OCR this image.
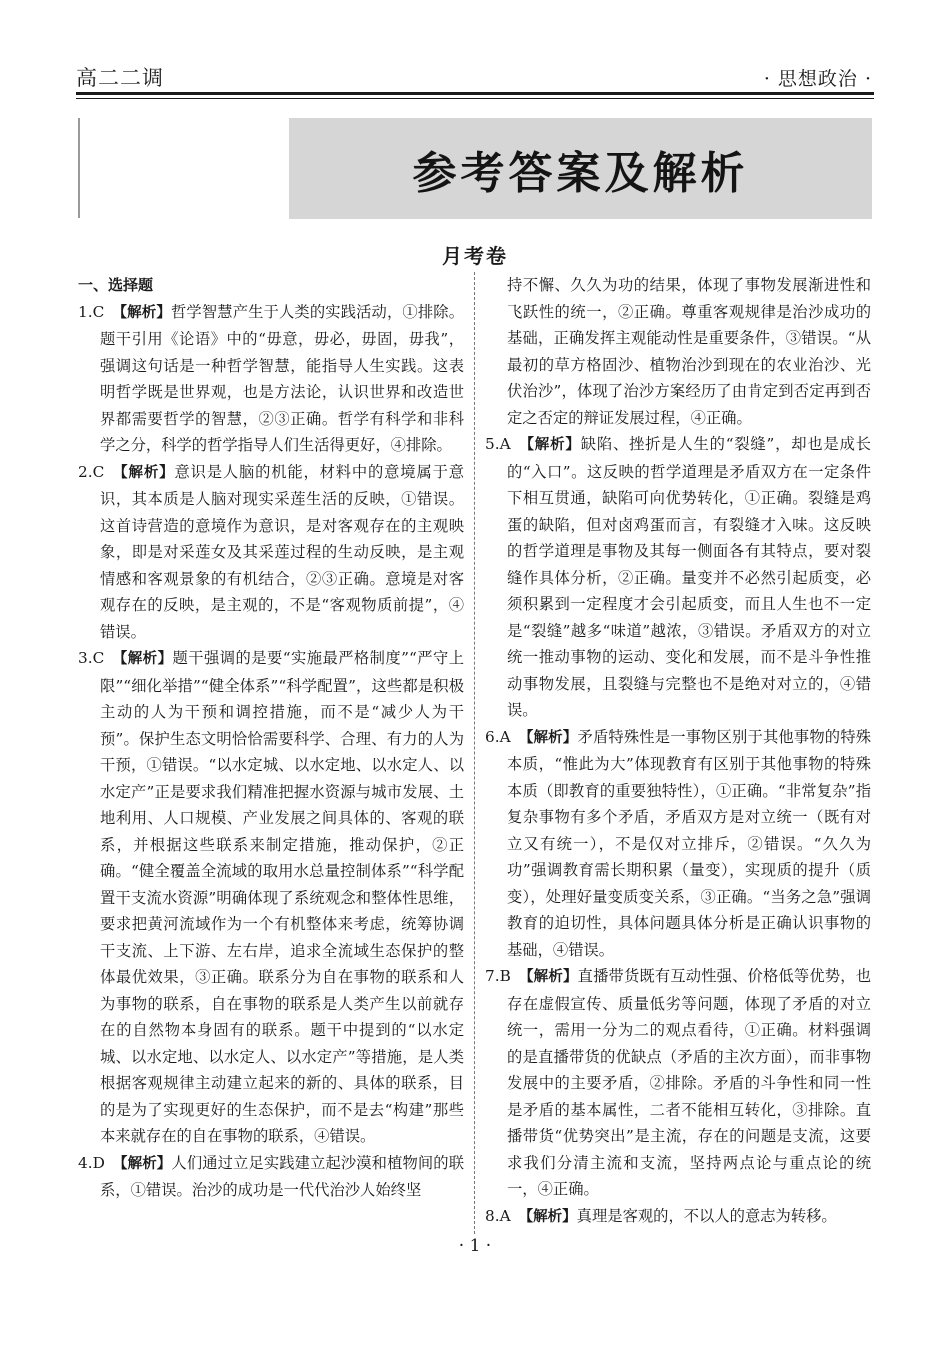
高二二调	· 思想政治 ·
参考答案及解析
月考卷
一、选择题

1.C 【解析】哲学智慧产生于人类的实践活动，①排除。题干引用《论语》中的“毋意，毋必，毋固，毋我”，强调这句话是一种哲学智慧，能指导人生实践。这表明哲学既是世界观，也是方法论，认识世界和改造世界都需要哲学的智慧，②③正确。哲学有科学和非科学之分，科学的哲学指导人们生活得更好，④排除。

2.C 【解析】意识是人脑的机能，材料中的意境属于意识，其本质是人脑对现实采莲生活的反映，①错误。这首诗营造的意境作为意识，是对客观存在的主观映象，即是对采莲女及其采莲过程的生动反映，是主观情感和客观景象的有机结合，②③正确。意境是对客观存在的反映，是主观的，不是“客观物质前提”，④错误。

3.C 【解析】题干强调的是要“实施最严格制度”“严守上限”“细化举措”“健全体系”“科学配置”，这些都是积极主动的人为干预和调控措施，而不是“减少人为干预”。保护生态文明恰恰需要科学、合理、有力的人为干预，①错误。“以水定城、以水定地、以水定人、以水定产”正是要求我们精准把握水资源与城市发展、土地利用、人口规模、产业发展之间具体的、客观的联系，并根据这些联系来制定措施，推动保护，②正确。“健全覆盖全流域的取用水总量控制体系”“科学配置干支流水资源”明确体现了系统观念和整体性思维，要求把黄河流域作为一个有机整体来考虑，统筹协调干支流、上下游、左右岸，追求全流域生态保护的整体最优效果，③正确。联系分为自在事物的联系和人为事物的联系，自在事物的联系是人类产生以前就存在的自然物本身固有的联系。题干中提到的“以水定城、以水定地、以水定人、以水定产”等措施，是人类根据客观规律主动建立起来的新的、具体的联系，目的是为了实现更好的生态保护，而不是去“构建”那些本来就存在的自在事物的联系，④错误。

4.D 【解析】人们通过立足实践建立起沙漠和植物间的联系，①错误。治沙的成功是一代代治沙人始终坚

持不懈、久久为功的结果，体现了事物发展渐进性和飞跃性的统一，②正确。尊重客观规律是治沙成功的基础，正确发挥主观能动性是重要条件，③错误。“从最初的草方格固沙、植物治沙到现在的农业治沙、光伏治沙”，体现了治沙方案经历了由肯定到否定再到否定之否定的辩证发展过程，④正确。

5.A 【解析】缺陷、挫折是人生的“裂缝”，却也是成长的“入口”。这反映的哲学道理是矛盾双方在一定条件下相互贯通，缺陷可向优势转化，①正确。裂缝是鸡蛋的缺陷，但对卤鸡蛋而言，有裂缝才入味。这反映的哲学道理是事物及其每一侧面各有其特点，要对裂缝作具体分析，②正确。量变并不必然引起质变，必须积累到一定程度才会引起质变，而且人生也不一定是“裂缝”越多“味道”越浓，③错误。矛盾双方的对立统一推动事物的运动、变化和发展，而不是斗争性推动事物发展，且裂缝与完整也不是绝对对立的，④错误。

6.A 【解析】矛盾特殊性是一事物区别于其他事物的特殊本质，“惟此为大”体现教育有区别于其他事物的特殊本质（即教育的重要独特性），①正确。“非常复杂”指复杂事物有多个矛盾，矛盾双方是对立统一（既有对立又有统一），不是仅对立排斥，②错误。“久久为功”强调教育需长期积累（量变），实现质的提升（质变），处理好量变质变关系，③正确。“当务之急”强调教育的迫切性，具体问题具体分析是正确认识事物的基础，④错误。

7.B 【解析】直播带货既有互动性强、价格低等优势，也存在虚假宣传、质量低劣等问题，体现了矛盾的对立统一，需用一分为二的观点看待，①正确。材料强调的是直播带货的优缺点（矛盾的主次方面），而非事物发展中的主要矛盾，②排除。矛盾的斗争性和同一性是矛盾的基本属性，二者不能相互转化，③排除。直播带货“优势突出”是主流，存在的问题是支流，这要求我们分清主流和支流，坚持两点论与重点论的统一，④正确。

8.A 【解析】真理是客观的，不以人的意志为转移。

· 1 ·
